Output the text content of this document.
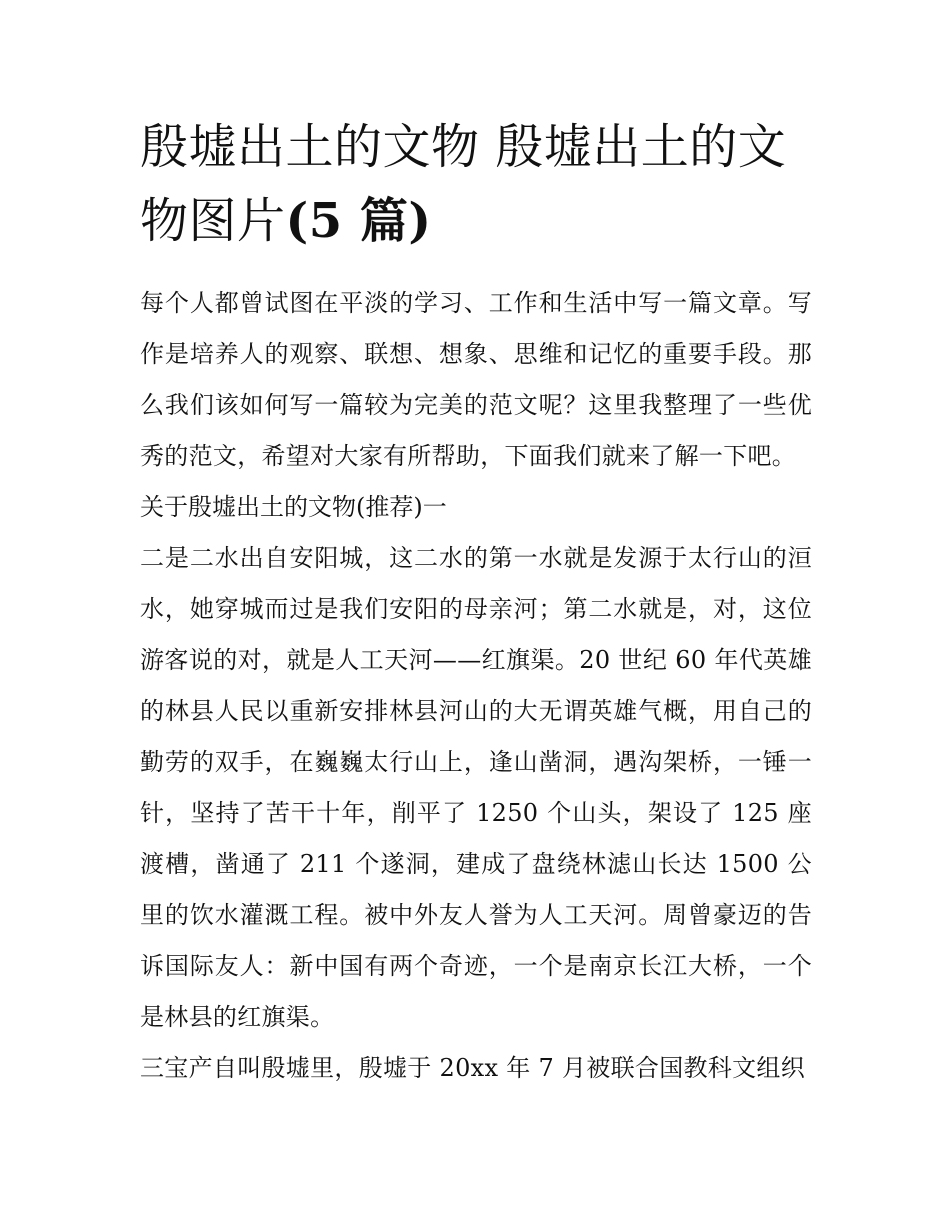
殷墟出土的文物 殷墟出土的文物图片(5 篇)

每个人都曾试图在平淡的学习、工作和生活中写一篇文章。写作是培养人的观察、联想、想象、思维和记忆的重要手段。那么我们该如何写一篇较为完美的范文呢？这里我整理了一些优秀的范文，希望对大家有所帮助，下面我们就来了解一下吧。

关于殷墟出土的文物(推荐)一

二是二水出自安阳城，这二水的第一水就是发源于太行山的洹水，她穿城而过是我们安阳的母亲河；第二水就是，对，这位游客说的对，就是人工天河——红旗渠。20 世纪 60 年代英雄的林县人民以重新安排林县河山的大无谓英雄气概，用自己的勤劳的双手，在巍巍太行山上，逢山凿洞，遇沟架桥，一锤一针，坚持了苦干十年，削平了 1250 个山头，架设了 125 座渡槽，凿通了 211 个遂洞，建成了盘绕林滤山长达 1500 公里的饮水灌溉工程。被中外友人誉为人工天河。周曾豪迈的告诉国际友人：新中国有两个奇迹，一个是南京长江大桥，一个是林县的红旗渠。

三宝产自叫殷墟里，殷墟于 20xx 年 7 月被联合国教科文组织
